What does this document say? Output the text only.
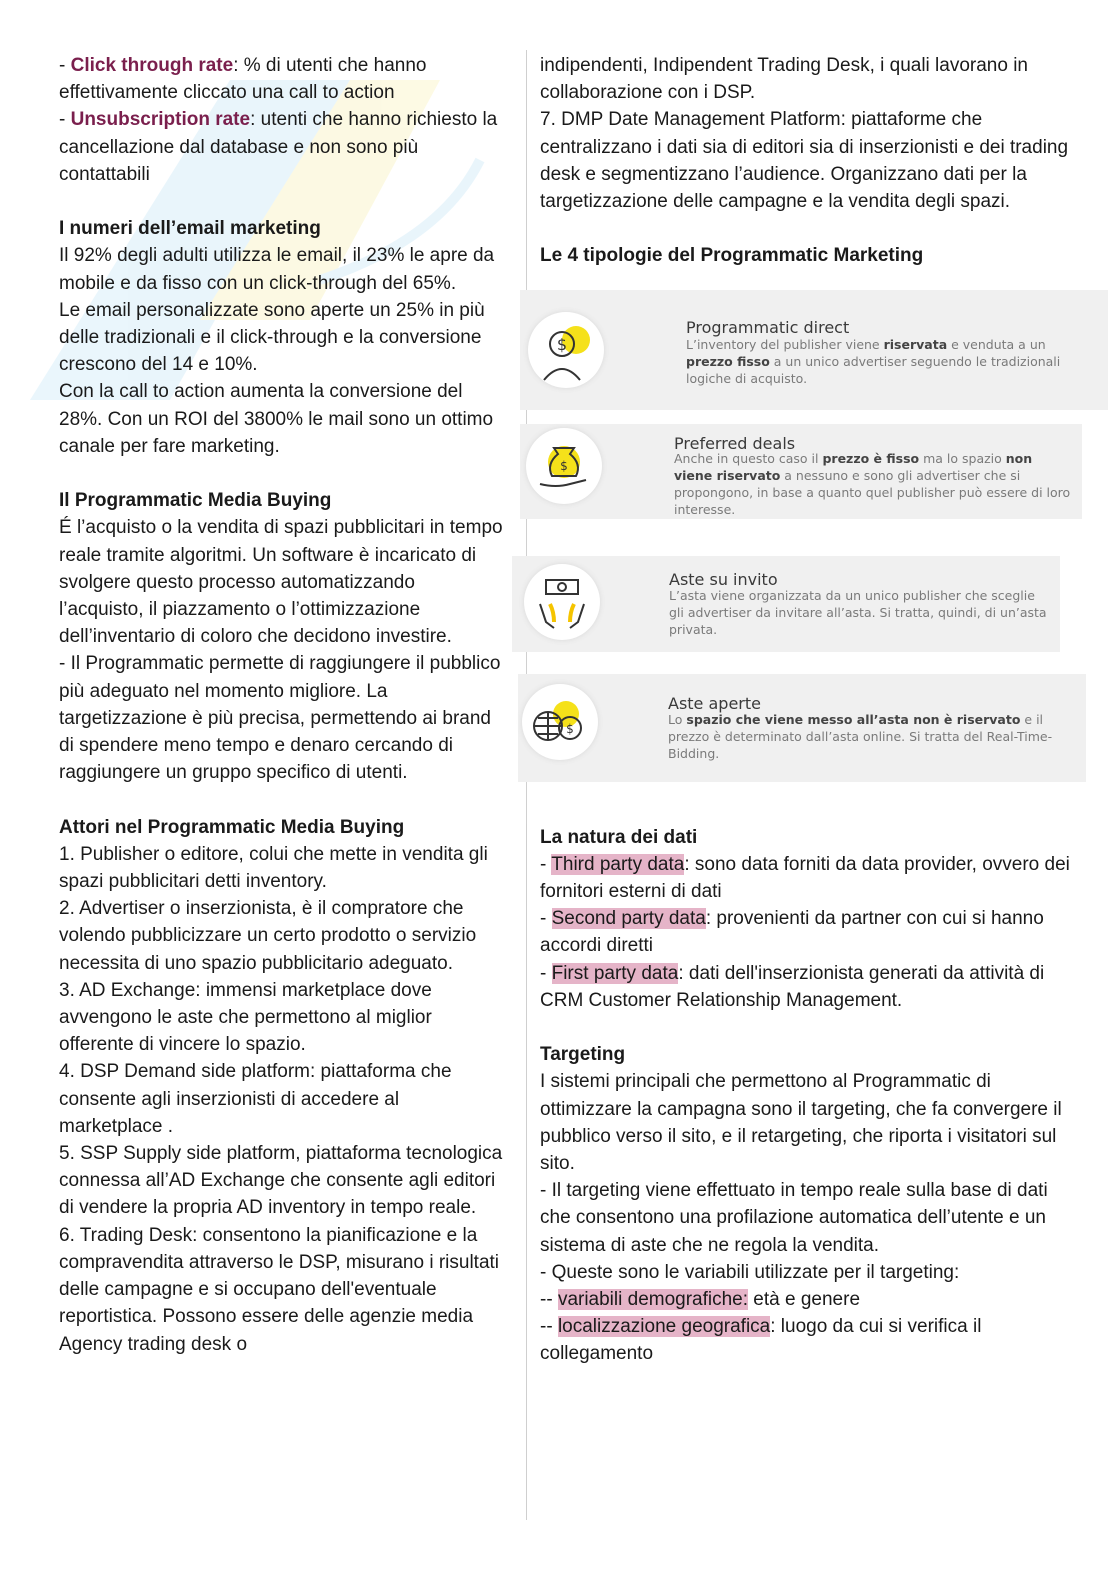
- Click through rate: % di utenti che hanno effettivamente cliccato una call to action

- Unsubscription rate: utenti che hanno richiesto la cancellazione dal database e non sono più contattabili

I numeri dell’email marketing

Il 92% degli adulti utilizza le email, il 23% le apre da mobile e da fisso con un click-through del 65%.

Le email personalizzate sono aperte un 25% in più delle tradizionali e il click-through e la conversione crescono del 14 e 10%.

Con la call to action aumenta la conversione del 28%. Con un ROI del 3800% le mail sono un ottimo canale per fare marketing.

Il Programmatic Media Buying

É l’acquisto o la vendita di spazi pubblicitari in tempo reale tramite algoritmi. Un software è incaricato di svolgere questo processo automatizzando l’acquisto, il piazzamento o l’ottimizzazione dell’inventario di coloro che decidono investire.

- Il Programmatic permette di raggiungere il pubblico più adeguato nel momento migliore. La targetizzazione è più precisa, permettendo ai brand di spendere meno tempo e denaro cercando di raggiungere un gruppo specifico di utenti.

Attori nel Programmatic Media Buying

1. Publisher o editore, colui che mette in vendita gli spazi pubblicitari detti inventory.

2. Advertiser o inserzionista, è il compratore che volendo pubblicizzare un certo prodotto o servizio necessita di uno spazio pubblicitario adeguato.

3. AD Exchange: immensi marketplace dove avvengono le aste che permettono al miglior offerente di vincere lo spazio.

4. DSP Demand side platform: piattaforma che consente agli inserzionisti di accedere al marketplace .

5. SSP Supply side platform, piattaforma tecnologica connessa all’AD Exchange che consente agli editori di vendere la propria AD inventory in tempo reale.

6. Trading Desk: consentono la pianificazione e la compravendita attraverso le DSP, misurano i risultati delle campagne e si occupano dell'eventuale reportistica. Possono essere delle agenzie media Agency trading desk o

indipendenti, Indipendent Trading Desk, i quali lavorano in collaborazione con i DSP.

7. DMP Date Management Platform: piattaforme che centralizzano i dati sia di editori sia di inserzionisti e dei trading desk e segmentizzano l’audience. Organizzano dati per la targetizzazione delle campagne e la vendita degli spazi.

Le 4 tipologie del Programmatic Marketing

$
Programmatic direct
L’inventory del publisher viene riservata e venduta a un prezzo fisso a un unico advertiser seguendo le tradizionali logiche di acquisto.
$
Preferred deals
Anche in questo caso il prezzo è fisso ma lo spazio non viene riservato a nessuno e sono gli advertiser che si propongono, in base a quanto quel publisher può essere di loro interesse.
Aste su invito
L’asta viene organizzata da un unico publisher che sceglie gli advertiser da invitare all’asta. Si tratta, quindi, di un’asta privata.
$
Aste aperte
Lo spazio che viene messo all’asta non è riservato e il prezzo è determinato dall’asta online. Si tratta del Real-Time-Bidding.

La natura dei dati

- Third party data: sono data forniti da data provider, ovvero dei fornitori esterni di dati

- Second party data: provenienti da partner con cui si hanno accordi diretti

- First party data: dati dell'inserzionista generati da attività di CRM Customer Relationship Management.

Targeting

I sistemi principali che permettono al Programmatic di ottimizzare la campagna sono il targeting, che fa convergere il pubblico verso il sito, e il retargeting, che riporta i visitatori sul sito.

- Il targeting viene effettuato in tempo reale sulla base di dati che consentono una profilazione automatica dell’utente e un sistema di aste che ne regola la vendita.

- Queste sono le variabili utilizzate per il targeting:

-- variabili demografiche: età e genere

-- localizzazione geografica: luogo da cui si verifica il collegamento
